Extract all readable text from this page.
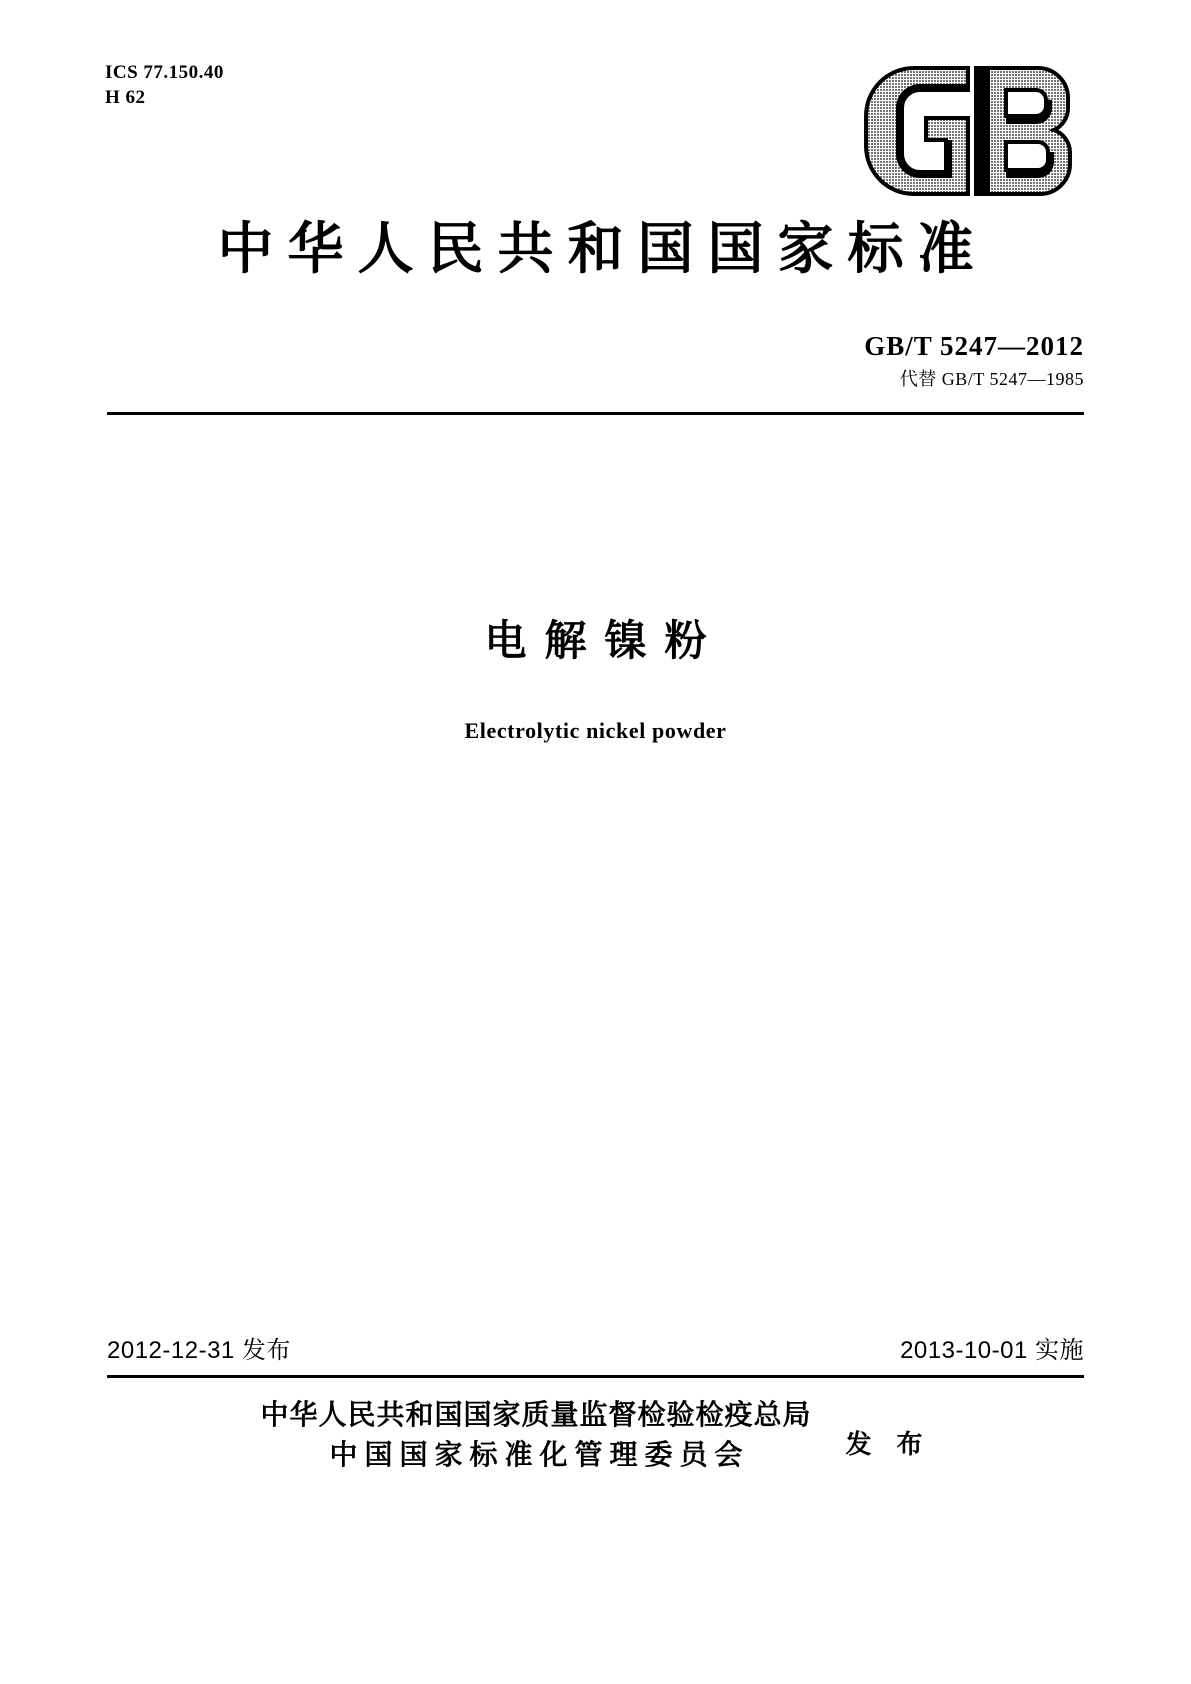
ICS 77.150.40
H 62
中华人民共和国国家标准
GB/T 5247—2012
代替 GB/T 5247—1985
电解镍粉
Electrolytic nickel powder
2012-12-31 发布	2013-10-01 实施
中华人民共和国国家质量监督检验检疫总局
中国国家标准化管理委员会	发 布
